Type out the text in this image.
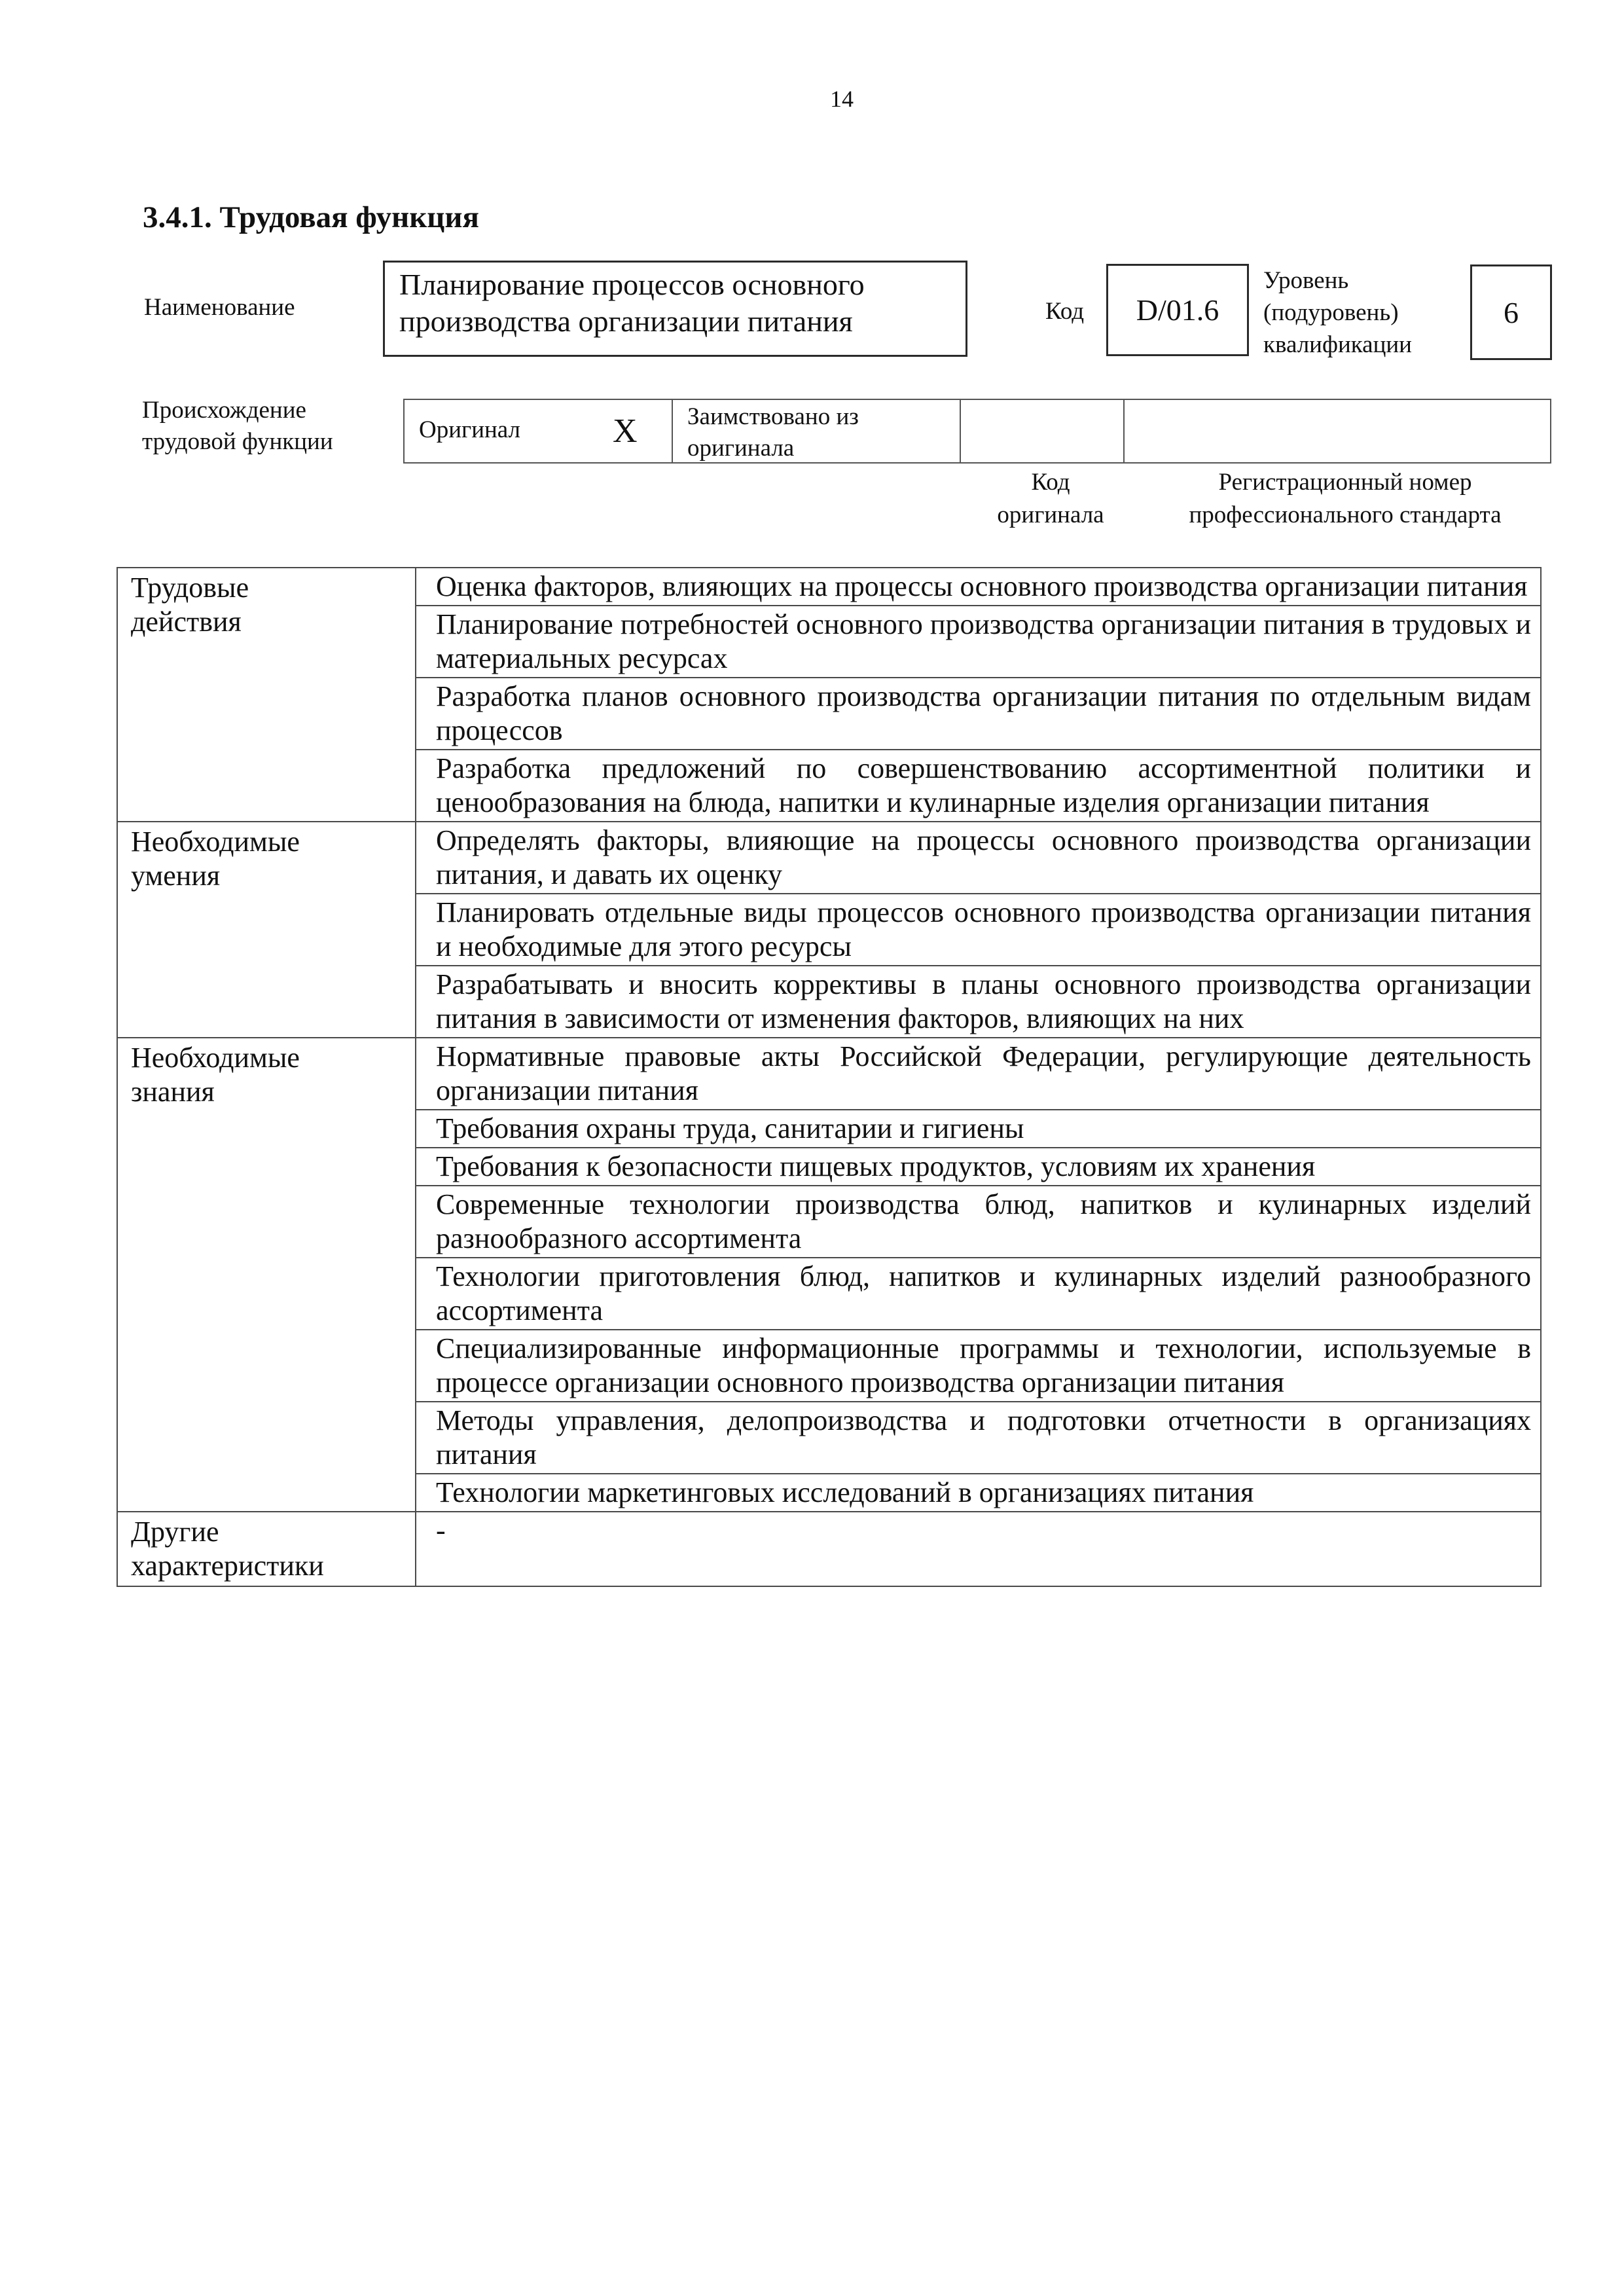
14
3.4.1. Трудовая функция
Наименование
Планирование процессов основного производства организации питания	Код D/01.6
Уровень
(подуровень)
квалификации
6
Происхождение
трудовой функции	Оригинал	X Заимствовано из
оригинала
Код
оригинала
Регистрационный номер
профессионального стандарта
Трудовые
действия	Оценка факторов, влияющих на процессы основного производства организации питания
	Планирование потребностей основного производства организации питания в трудовых и материальных ресурсах
	Разработка планов основного производства организации питания по отдельным видам процессов
	Разработка предложений по совершенствованию ассортиментной политики и ценообразования на блюда, напитки и кулинарные изделия организации питания

Необходимые
умения	Определять факторы, влияющие на процессы основного производства организации питания, и давать их оценку
	Планировать отдельные виды процессов основного производства организации питания и необходимые для этого ресурсы
	Разрабатывать и вносить коррективы в планы основного производства организации питания в зависимости от изменения факторов, влияющих на них

Необходимые
знания	Нормативные правовые акты Российской Федерации, регулирующие деятельность организации питания
	Требования охраны труда, санитарии и гигиены
	Требования к безопасности пищевых продуктов, условиям их хранения
	Современные технологии производства блюд, напитков и кулинарных изделий разнообразного ассортимента
	Технологии приготовления блюд, напитков и кулинарных изделий разнообразного ассортимента
	Специализированные информационные программы и технологии, используемые в процессе организации основного производства организации питания
	Методы управления, делопроизводства и подготовки отчетности в организациях питания
	Технологии маркетинговых исследований в организациях питания

Другие
характеристики	-
